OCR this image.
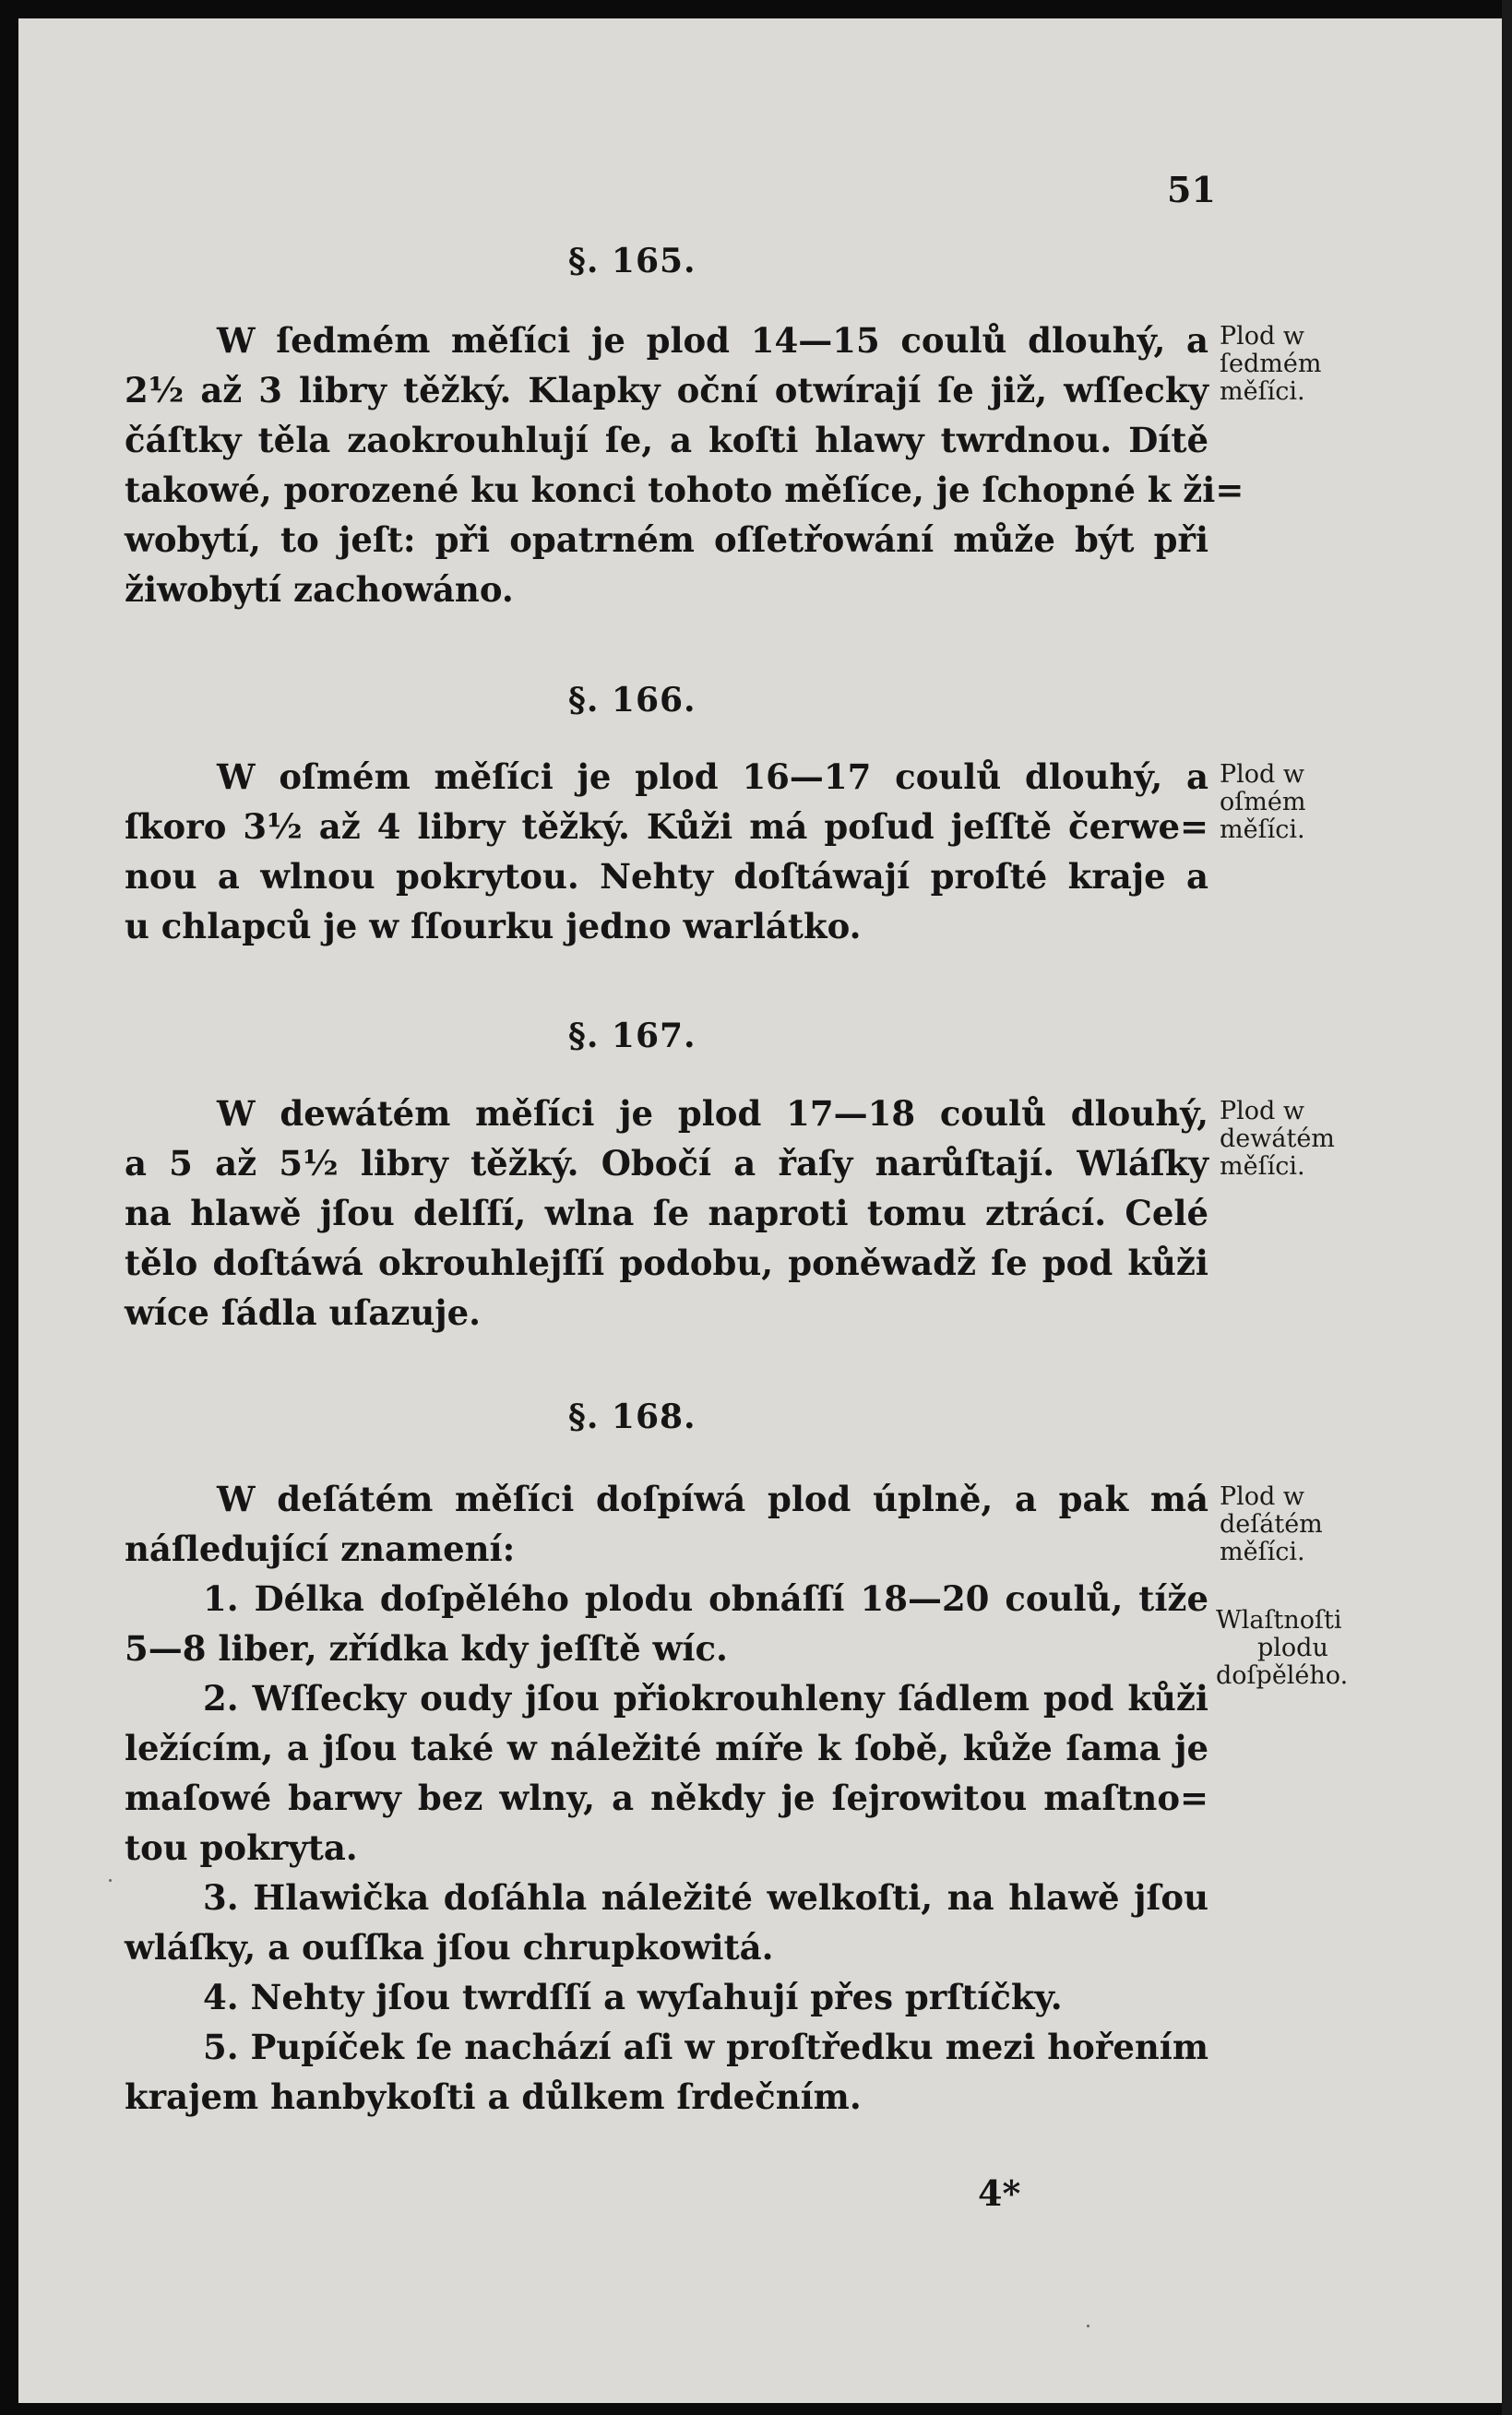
51
§. 165.
W ſedmém měſíci je plod 14—15 coulů dlouhý, a
2½ až 3 libry těžký. Klapky oční otwírají ſe již, wſſecky
čáſtky těla zaokrouhlují ſe, a koſti hlawy twrdnou. Dítě
takowé, porozené ku konci tohoto měſíce, je ſchopné k ži=
wobytí, to jeſt: při opatrném oſſetřowání může být při
žiwobytí zachowáno.
Plod w
ſedmém
měſíci.
§. 166.
W oſmém měſíci je plod 16—17 coulů dlouhý, a
ſkoro 3½ až 4 libry těžký. Kůži má poſud jeſſtě čerwe=
nou a wlnou pokrytou. Nehty doſtáwají proſté kraje a
u chlapců je w ſſourku jedno warlátko.
Plod w
oſmém
měſíci.
§. 167.
W dewátém měſíci je plod 17—18 coulů dlouhý,
a 5 až 5½ libry těžký. Obočí a řaſy narůſtají. Wláſky
na hlawě jſou delſſí, wlna ſe naproti tomu ztrácí. Celé
tělo doſtáwá okrouhlejſſí podobu, poněwadž ſe pod kůži
wíce ſádla uſazuje.
Plod w
dewátém
měſíci.
§. 168.
W deſátém měſíci doſpíwá plod úplně, a pak má
náſledující znamení:
1. Délka doſpělého plodu obnáſſí 18—20 coulů, tíže
5—8 liber, zřídka kdy jeſſtě wíc.
2. Wſſecky oudy jſou přiokrouhleny ſádlem pod kůži
ležícím, a jſou také w náležité míře k ſobě, kůže ſama je
maſowé barwy bez wlny, a někdy je ſejrowitou maſtno=
tou pokryta.
3. Hlawička doſáhla náležité welkoſti, na hlawě jſou
wláſky, a ouſſka jſou chrupkowitá.
4. Nehty jſou twrdſſí a wyſahují přes prſtíčky.
5. Pupíček ſe nachází aſi w proſtředku mezi hořením
krajem hanbykoſti a důlkem ſrdečním.
Plod w
deſátém
měſíci.
Wlaſtnoſti
plodu
doſpělého.
4*
